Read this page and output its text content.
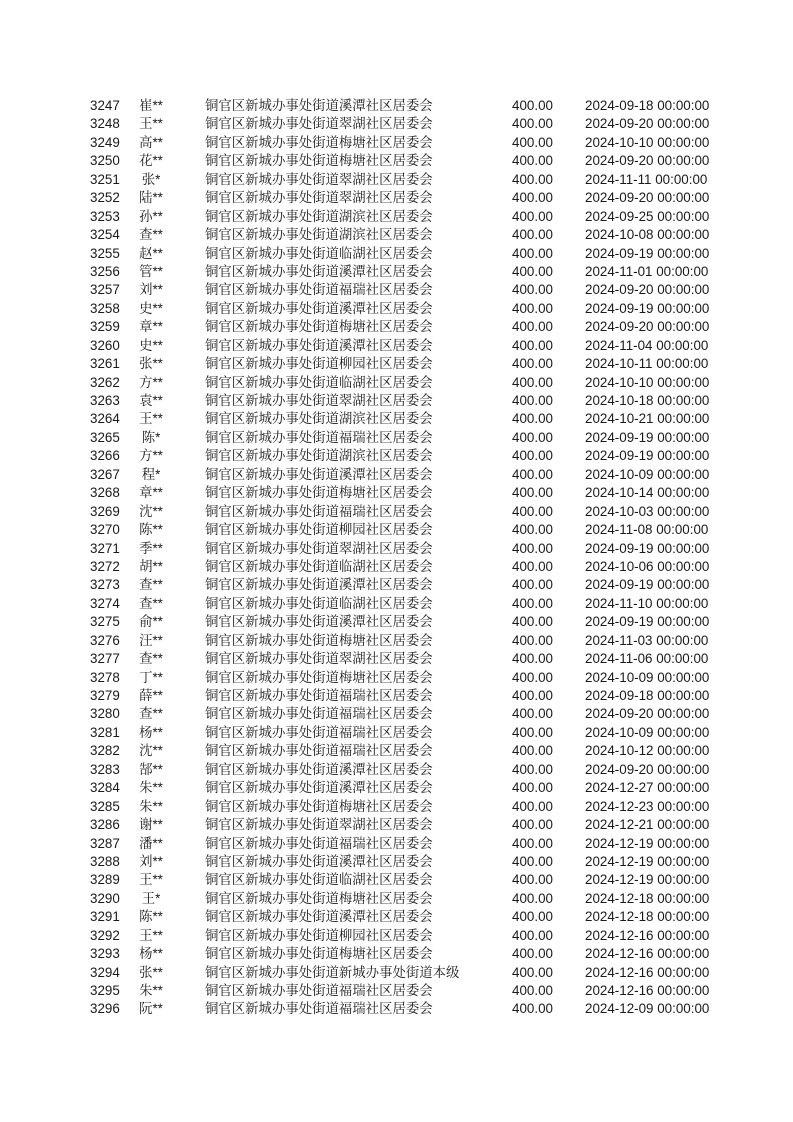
3247	崔**	铜官区新城办事处街道溪潭社区居委会	400.00 2024-09-18 00:00:00
3248	王**	铜官区新城办事处街道翠湖社区居委会	400.00 2024-09-20 00:00:00
3249	高**	铜官区新城办事处街道梅塘社区居委会	400.00 2024-10-10 00:00:00
3250	花**	铜官区新城办事处街道梅塘社区居委会	400.00 2024-09-20 00:00:00
3251	张*	铜官区新城办事处街道翠湖社区居委会	400.00 2024-11-11 00:00:00
3252	陆**	铜官区新城办事处街道翠湖社区居委会	400.00 2024-09-20 00:00:00
3253	孙**	铜官区新城办事处街道湖滨社区居委会	400.00 2024-09-25 00:00:00
3254	查**	铜官区新城办事处街道湖滨社区居委会	400.00 2024-10-08 00:00:00
3255	赵**	铜官区新城办事处街道临湖社区居委会	400.00 2024-09-19 00:00:00
3256	管**	铜官区新城办事处街道溪潭社区居委会	400.00 2024-11-01 00:00:00
3257	刘**	铜官区新城办事处街道福瑞社区居委会	400.00 2024-09-20 00:00:00
3258	史**	铜官区新城办事处街道溪潭社区居委会	400.00 2024-09-19 00:00:00
3259	章**	铜官区新城办事处街道梅塘社区居委会	400.00 2024-09-20 00:00:00
3260	史**	铜官区新城办事处街道溪潭社区居委会	400.00 2024-11-04 00:00:00
3261	张**	铜官区新城办事处街道柳园社区居委会	400.00 2024-10-11 00:00:00
3262	方**	铜官区新城办事处街道临湖社区居委会	400.00 2024-10-10 00:00:00
3263	袁**	铜官区新城办事处街道翠湖社区居委会	400.00 2024-10-18 00:00:00
3264	王**	铜官区新城办事处街道湖滨社区居委会	400.00 2024-10-21 00:00:00
3265	陈*	铜官区新城办事处街道福瑞社区居委会	400.00 2024-09-19 00:00:00
3266	方**	铜官区新城办事处街道湖滨社区居委会	400.00 2024-09-19 00:00:00
3267	程*	铜官区新城办事处街道溪潭社区居委会	400.00 2024-10-09 00:00:00
3268	章**	铜官区新城办事处街道梅塘社区居委会	400.00 2024-10-14 00:00:00
3269	沈**	铜官区新城办事处街道福瑞社区居委会	400.00 2024-10-03 00:00:00
3270	陈**	铜官区新城办事处街道柳园社区居委会	400.00 2024-11-08 00:00:00
3271	季**	铜官区新城办事处街道翠湖社区居委会	400.00 2024-09-19 00:00:00
3272	胡**	铜官区新城办事处街道临湖社区居委会	400.00 2024-10-06 00:00:00
3273	查**	铜官区新城办事处街道溪潭社区居委会	400.00 2024-09-19 00:00:00
3274	查**	铜官区新城办事处街道临湖社区居委会	400.00 2024-11-10 00:00:00
3275	俞**	铜官区新城办事处街道溪潭社区居委会	400.00 2024-09-19 00:00:00
3276	汪**	铜官区新城办事处街道梅塘社区居委会	400.00 2024-11-03 00:00:00
3277	查**	铜官区新城办事处街道翠湖社区居委会	400.00 2024-11-06 00:00:00
3278	丁**	铜官区新城办事处街道梅塘社区居委会	400.00 2024-10-09 00:00:00
3279	薛**	铜官区新城办事处街道福瑞社区居委会	400.00 2024-09-18 00:00:00
3280	查**	铜官区新城办事处街道福瑞社区居委会	400.00 2024-09-20 00:00:00
3281	杨**	铜官区新城办事处街道福瑞社区居委会	400.00 2024-10-09 00:00:00
3282	沈**	铜官区新城办事处街道福瑞社区居委会	400.00 2024-10-12 00:00:00
3283	郜**	铜官区新城办事处街道溪潭社区居委会	400.00 2024-09-20 00:00:00
3284	朱**	铜官区新城办事处街道溪潭社区居委会	400.00 2024-12-27 00:00:00
3285	朱**	铜官区新城办事处街道梅塘社区居委会	400.00 2024-12-23 00:00:00
3286	谢**	铜官区新城办事处街道翠湖社区居委会	400.00 2024-12-21 00:00:00
3287	潘**	铜官区新城办事处街道福瑞社区居委会	400.00 2024-12-19 00:00:00
3288	刘**	铜官区新城办事处街道溪潭社区居委会	400.00 2024-12-19 00:00:00
3289	王**	铜官区新城办事处街道临湖社区居委会	400.00 2024-12-19 00:00:00
3290	王*	铜官区新城办事处街道梅塘社区居委会	400.00 2024-12-18 00:00:00
3291	陈**	铜官区新城办事处街道溪潭社区居委会	400.00 2024-12-18 00:00:00
3292	王**	铜官区新城办事处街道柳园社区居委会	400.00 2024-12-16 00:00:00
3293	杨**	铜官区新城办事处街道梅塘社区居委会	400.00 2024-12-16 00:00:00
3294	张**	铜官区新城办事处街道新城办事处街道本级	400.00 2024-12-16 00:00:00
3295	朱**	铜官区新城办事处街道福瑞社区居委会	400.00 2024-12-16 00:00:00
3296	阮**	铜官区新城办事处街道福瑞社区居委会	400.00 2024-12-09 00:00:00
